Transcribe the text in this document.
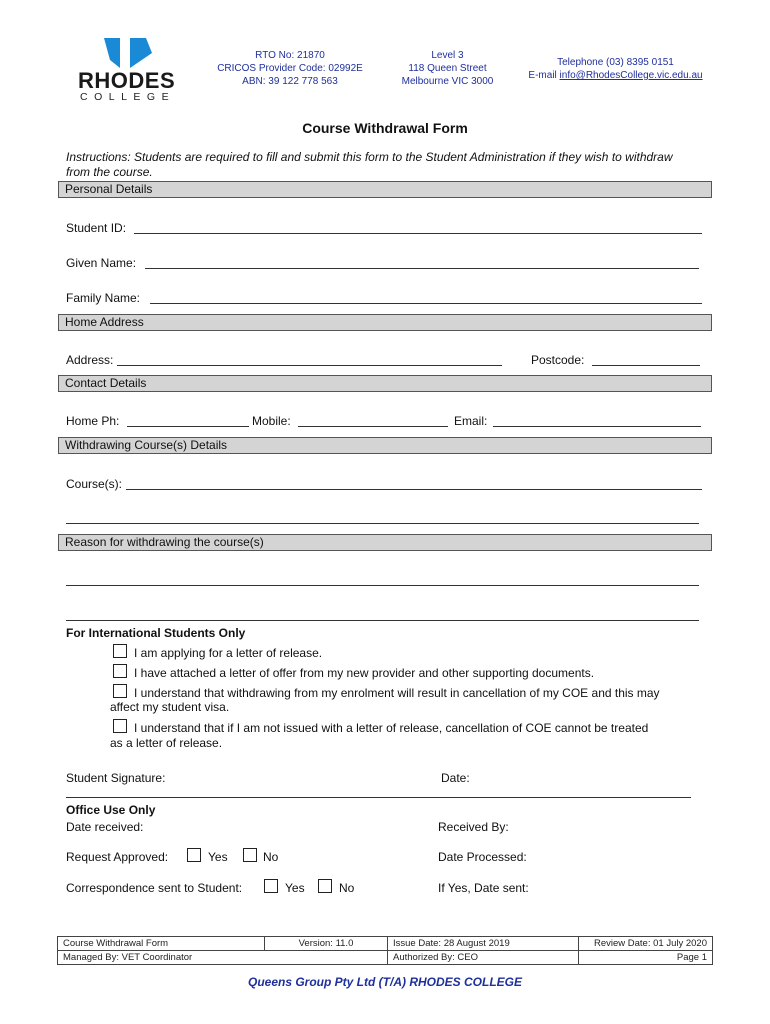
RHODES
COLLEGE
RTO No: 21870
CRICOS Provider Code: 02992E
ABN: 39 122 778 563
Level 3
118 Queen Street
Melbourne VIC 3000
Telephone (03) 8395 0151
E-mail info@RhodesCollege.vic.edu.au
Course Withdrawal Form
Instructions: Students are required to fill and submit this form to the Student Administration if they wish to withdraw from the course.
Personal Details
Student ID:
Given Name:
Family Name:
Home Address
Address:	Postcode:
Contact Details
Home Ph:	Mobile:	Email:
Withdrawing Course(s) Details
Course(s):
Reason for withdrawing the course(s)
For International Students Only
I am applying for a letter of release.
I have attached a letter of offer from my new provider and other supporting documents.
I understand that withdrawing from my enrolment will result in cancellation of my COE and this may
affect my student visa.
I understand that if I am not issued with a letter of release, cancellation of COE cannot be treated
as a letter of release.
Student Signature:	Date:
Office Use Only
Date received:	Received By:
Request Approved:	Yes	No	Date Processed:
Correspondence sent to Student:	Yes	No	If Yes, Date sent:
Course Withdrawal Form	Version: 11.0	Issue Date: 28 August 2019	Review Date: 01 July 2020
Managed By: VET Coordinator		Authorized By: CEO	Page 1
Queens Group Pty Ltd (T/A) RHODES COLLEGE
